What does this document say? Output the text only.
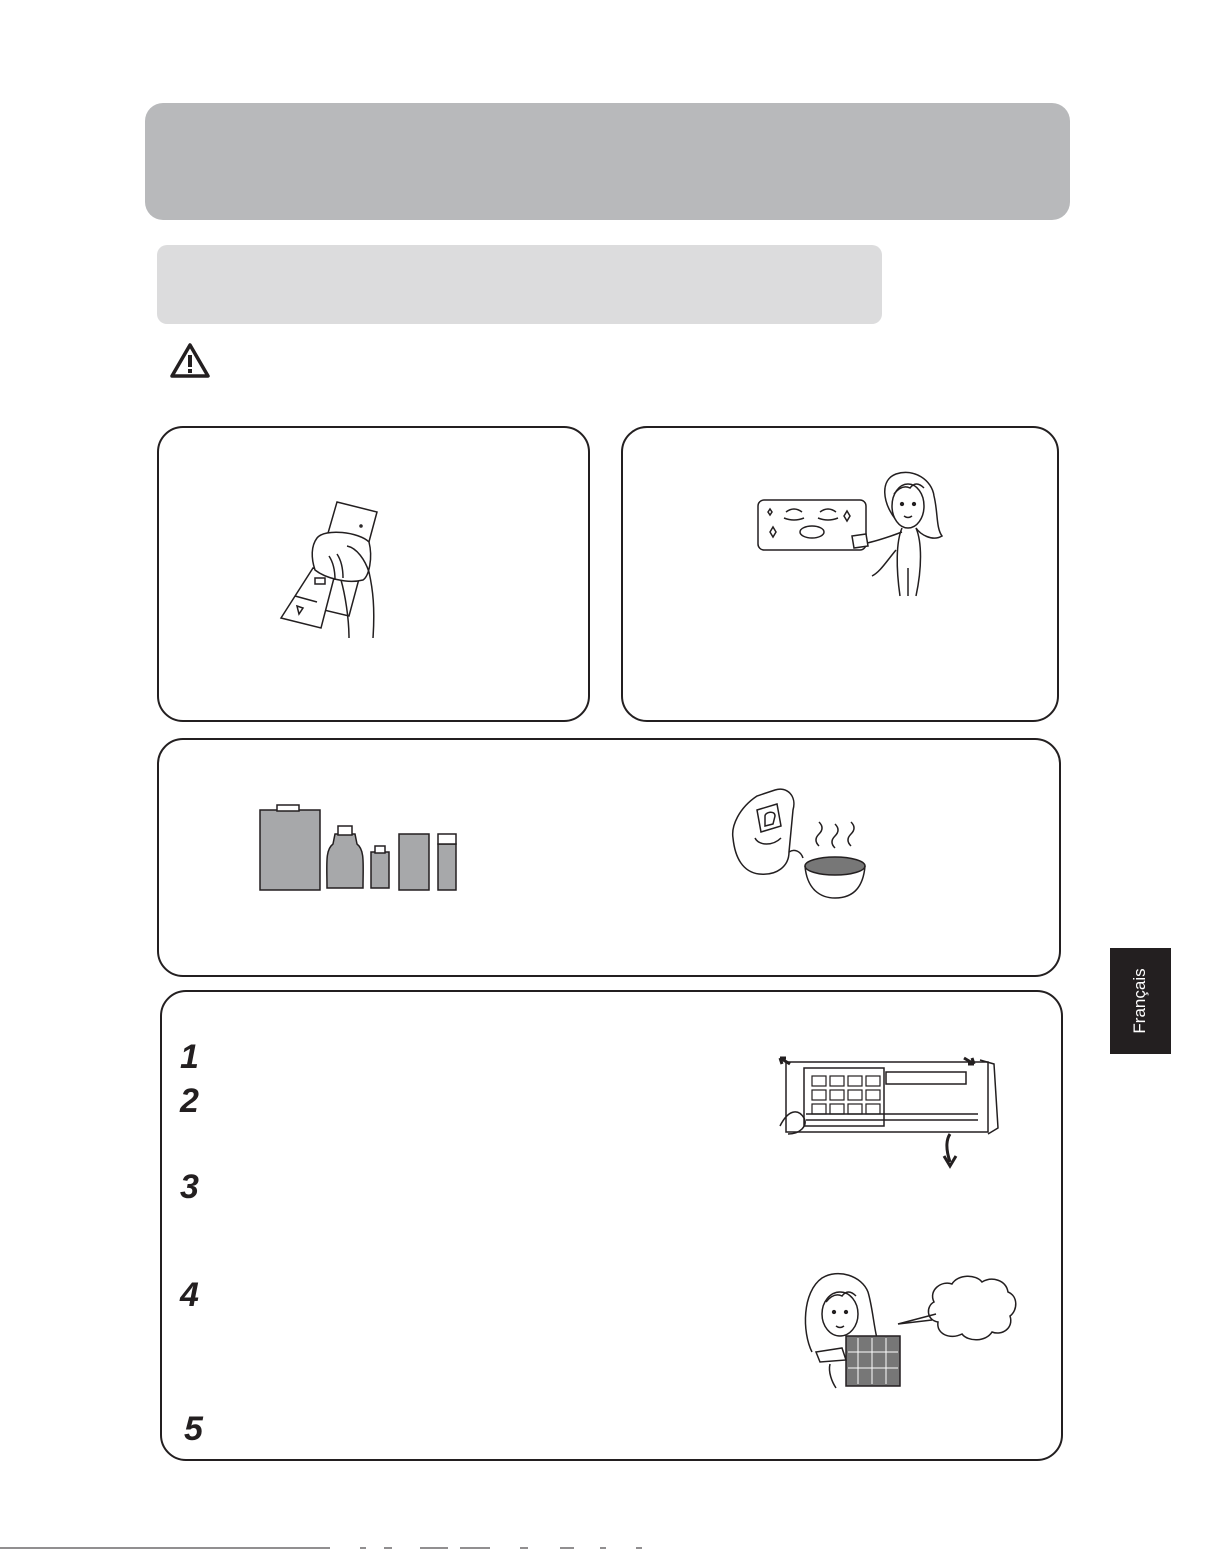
1
2
3
4
5
Français
